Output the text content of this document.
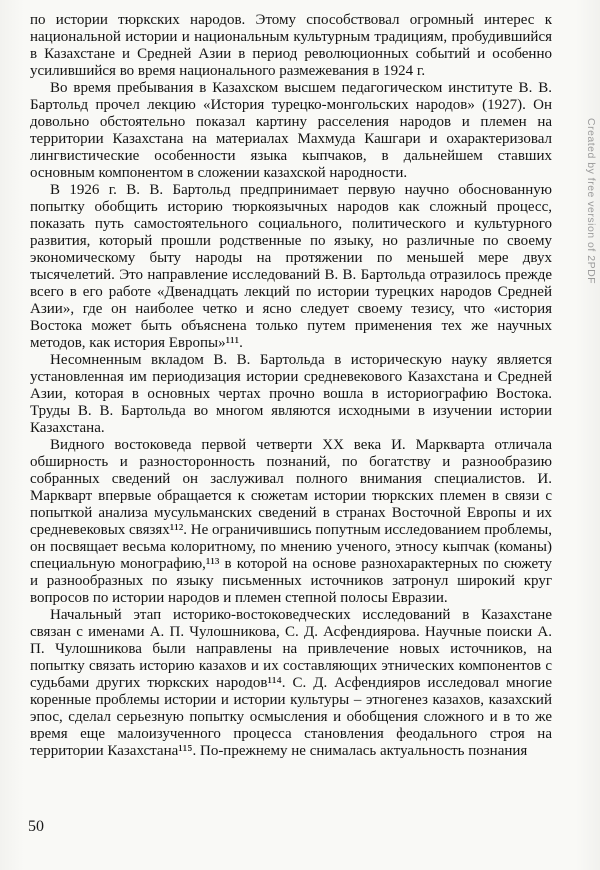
по истории тюркских народов. Этому способствовал огромный интерес к национальной истории и национальным культурным традициям, пробудившийся в Казахстане и Средней Азии в период революционных событий и особенно усилившийся во время национального размежевания в 1924 г.

Во время пребывания в Казахском высшем педагогическом институте В. В. Бартольд прочел лекцию «История турецко-монгольских народов» (1927). Он довольно обстоятельно показал картину расселения народов и племен на территории Казахстана на материалах Махмуда Кашгари и охарактеризовал лингвистические особенности языка кыпчаков, в дальнейшем ставших основным компонентом в сложении казахской народности.

В 1926 г. В. В. Бартольд предпринимает первую научно обоснованную попытку обобщить историю тюркоязычных народов как сложный процесс, показать путь самостоятельного социального, политического и культурного развития, который прошли родственные по языку, но различные по своему экономическому быту народы на протяжении по меньшей мере двух тысячелетий. Это направление исследований В. В. Бартольда отразилось прежде всего в его работе «Двенадцать лекций по истории турецких народов Средней Азии», где он наиболее четко и ясно следует своему тезису, что «история Востока может быть объяснена только путем применения тех же научных методов, как история Европы»¹¹¹.

Несомненным вкладом В. В. Бартольда в историческую науку является установленная им периодизация истории средневекового Казахстана и Средней Азии, которая в основных чертах прочно вошла в историографию Востока. Труды В. В. Бартольда во многом являются исходными в изучении истории Казахстана.

Видного востоковеда первой четверти XX века И. Маркварта отличала обширность и разносторонность познаний, по богатству и разнообразию собранных сведений он заслуживал полного внимания специалистов. И. Маркварт впервые обращается к сюжетам истории тюркских племен в связи с попыткой анализа мусульманских сведений в странах Восточной Европы и их средневековых связях¹¹². Не ограничившись попутным исследованием проблемы, он посвящает весьма колоритному, по мнению ученого, этносу кыпчак (команы) специальную монографию,¹¹³ в которой на основе разнохарактерных по сюжету и разнообразных по языку письменных источников затронул широкий круг вопросов по истории народов и племен степной полосы Евразии.

Начальный этап историко-востоковедческих исследований в Казахстане связан с именами А. П. Чулошникова, С. Д. Асфендиярова. Научные поиски А. П. Чулошникова были направлены на привлечение новых источников, на попытку связать историю казахов и их составляющих этнических компонентов с судьбами других тюркских народов¹¹⁴. С. Д. Асфендияров исследовал многие коренные проблемы истории и истории культуры – этногенез казахов, казахский эпос, сделал серьезную попытку осмысления и обобщения сложного и в то же время еще малоизученного процесса становления феодального строя на территории Казахстана¹¹⁵. По-прежнему не снималась актуальность познания

50
Created by free version of 2PDF
